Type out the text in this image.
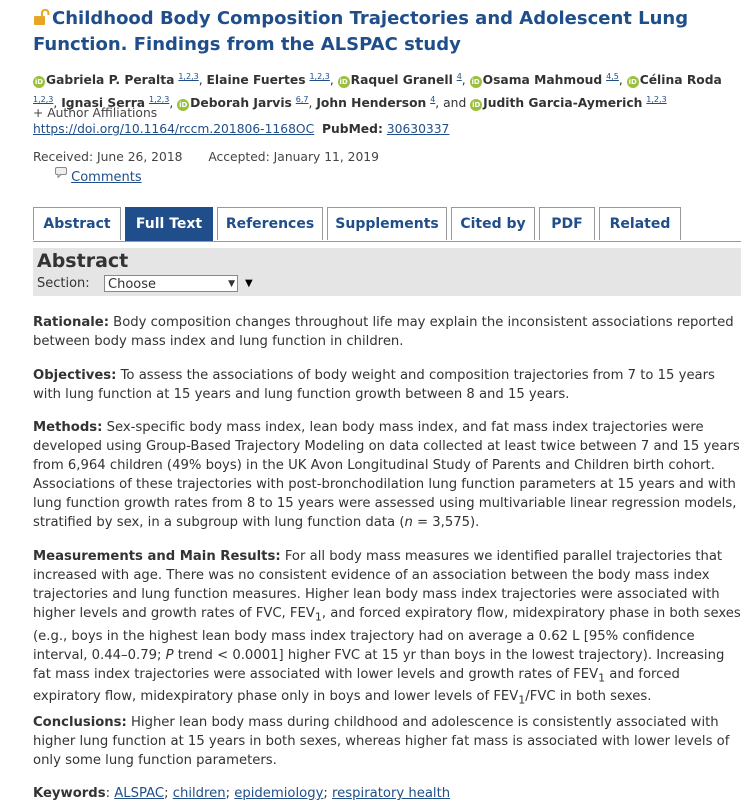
Childhood Body Composition Trajectories and Adolescent Lung Function. Findings from the ALSPAC study
iD Gabriela P. Peralta $^{1,2,3}$, Elaine Fuertes $^{1,2,3}$, iD Raquel Granell $^4$, iD Osama Mahmoud $^{4,5}$, iD Célina Roda $^{1,2,3}$, Ignasi Serra $^{1,2,3}$, iD Deborah Jarvis $^{6,7}$, John Henderson $^4$, and iD Judith Garcia-Aymerich $^{1,2,3}$
+ Author Affiliations
https://doi.org/10.1164/rccm.201806-1168OC PubMed: 30630337
Received: June 26, 2018 Accepted: January 11, 2019
Comments
Abstract	Full Text	References	Supplements	Cited by	PDF	Related
Abstract
Section:	Choose	▼ ▼
Rationale: Body composition changes throughout life may explain the inconsistent associations reported between body mass index and lung function in children.
Objectives: To assess the associations of body weight and composition trajectories from 7 to 15 years with lung function at 15 years and lung function growth between 8 and 15 years.
Methods: Sex-specific body mass index, lean body mass index, and fat mass index trajectories were developed using Group-Based Trajectory Modeling on data collected at least twice between 7 and 15 years from 6,964 children (49% boys) in the UK Avon Longitudinal Study of Parents and Children birth cohort. Associations of these trajectories with post-bronchodilation lung function parameters at 15 years and with lung function growth rates from 8 to 15 years were assessed using multivariable linear regression models, stratified by sex, in a subgroup with lung function data (n = 3,575).
Measurements and Main Results: For all body mass measures we identified parallel trajectories that increased with age. There was no consistent evidence of an association between the body mass index trajectories and lung function measures. Higher lean body mass index trajectories were associated with higher levels and growth rates of FVC, $FEV_1$, and forced expiratory flow, midexpiratory phase in both sexes (e.g., boys in the highest lean body mass index trajectory had on average a 0.62 L [95% confidence interval, 0.44–0.79; P trend < 0.0001] higher FVC at 15 yr than boys in the lowest trajectory). Increasing fat mass index trajectories were associated with lower levels and growth rates of $FEV_1$ and forced expiratory flow, midexpiratory phase only in boys and lower levels of $FEV_1$/FVC in both sexes.
Conclusions: Higher lean body mass during childhood and adolescence is consistently associated with higher lung function at 15 years in both sexes, whereas higher fat mass is associated with lower levels of only some lung function parameters.
Keywords: ALSPAC; children; epidemiology; respiratory health
